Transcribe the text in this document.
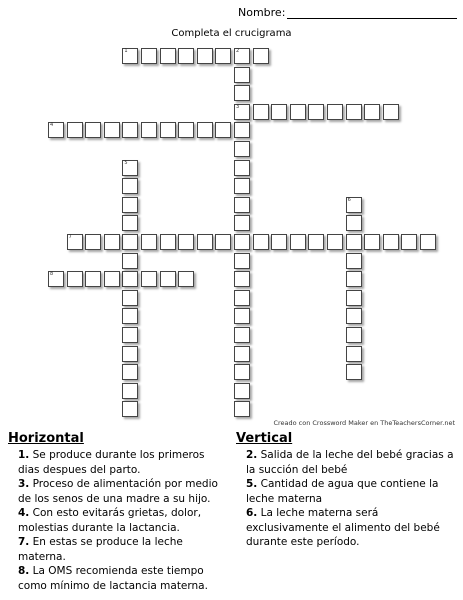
Nombre:
Completa el crucigrama
1	2
3
4
5
6
7
8
Creado con Crossword Maker en TheTeachersCorner.net
Horizontal
1. Se produce durante los primeros dias despues del parto.
3. Proceso de alimentación por medio de los senos de una madre a su hijo.
4. Con esto evitarás grietas, dolor, molestias durante la lactancia.
7. En estas se produce la leche materna.
8. La OMS recomienda este tiempo como mínimo de lactancia materna.
Vertical
2. Salida de la leche del bebé gracias a la succión del bebé
5. Cantidad de agua que contiene la leche materna
6. La leche materna será exclusivamente el alimento del bebé durante este período.
